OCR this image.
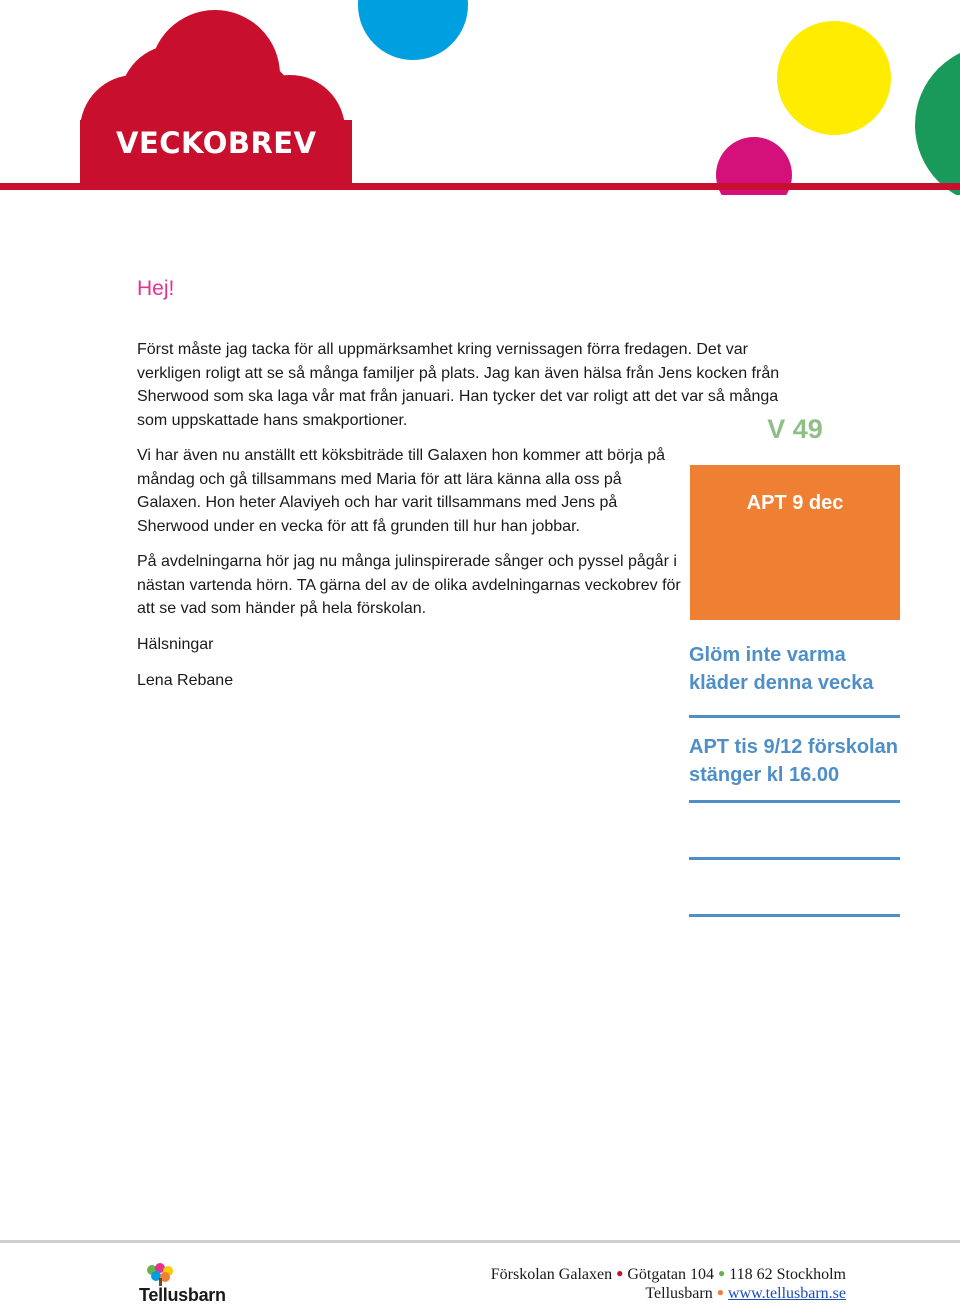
VECKOBREV
Hej!

Först måste jag tacka för all uppmärksamhet kring vernissagen förra fredagen. Det var verkligen roligt att se så många familjer på plats. Jag kan även hälsa från Jens kocken från Sherwood som ska laga vår mat från januari. Han tycker det var roligt att det var så många som uppskattade hans smakportioner.

Vi har även nu anställt ett köksbiträde till Galaxen hon kommer att börja på måndag och gå tillsammans med Maria för att lära känna alla oss på Galaxen. Hon heter Alaviyeh och har varit tillsammans med Jens på Sherwood under en vecka för att få grunden till hur han jobbar.

På avdelningarna hör jag nu många julinspirerade sånger och pyssel pågår i nästan vartenda hörn. TA gärna del av de olika avdelningarnas veckobrev för att se vad som händer på hela förskolan.

Hälsningar

Lena Rebane

V 49
APT 9 dec
Glöm inte varma kläder denna vecka
APT tis 9/12 förskolan stänger kl 16.00
Tellusbarn
Förskolan Galaxen ● Götgatan 104 ● 118 62 Stockholm
Tellusbarn ● www.tellusbarn.se
